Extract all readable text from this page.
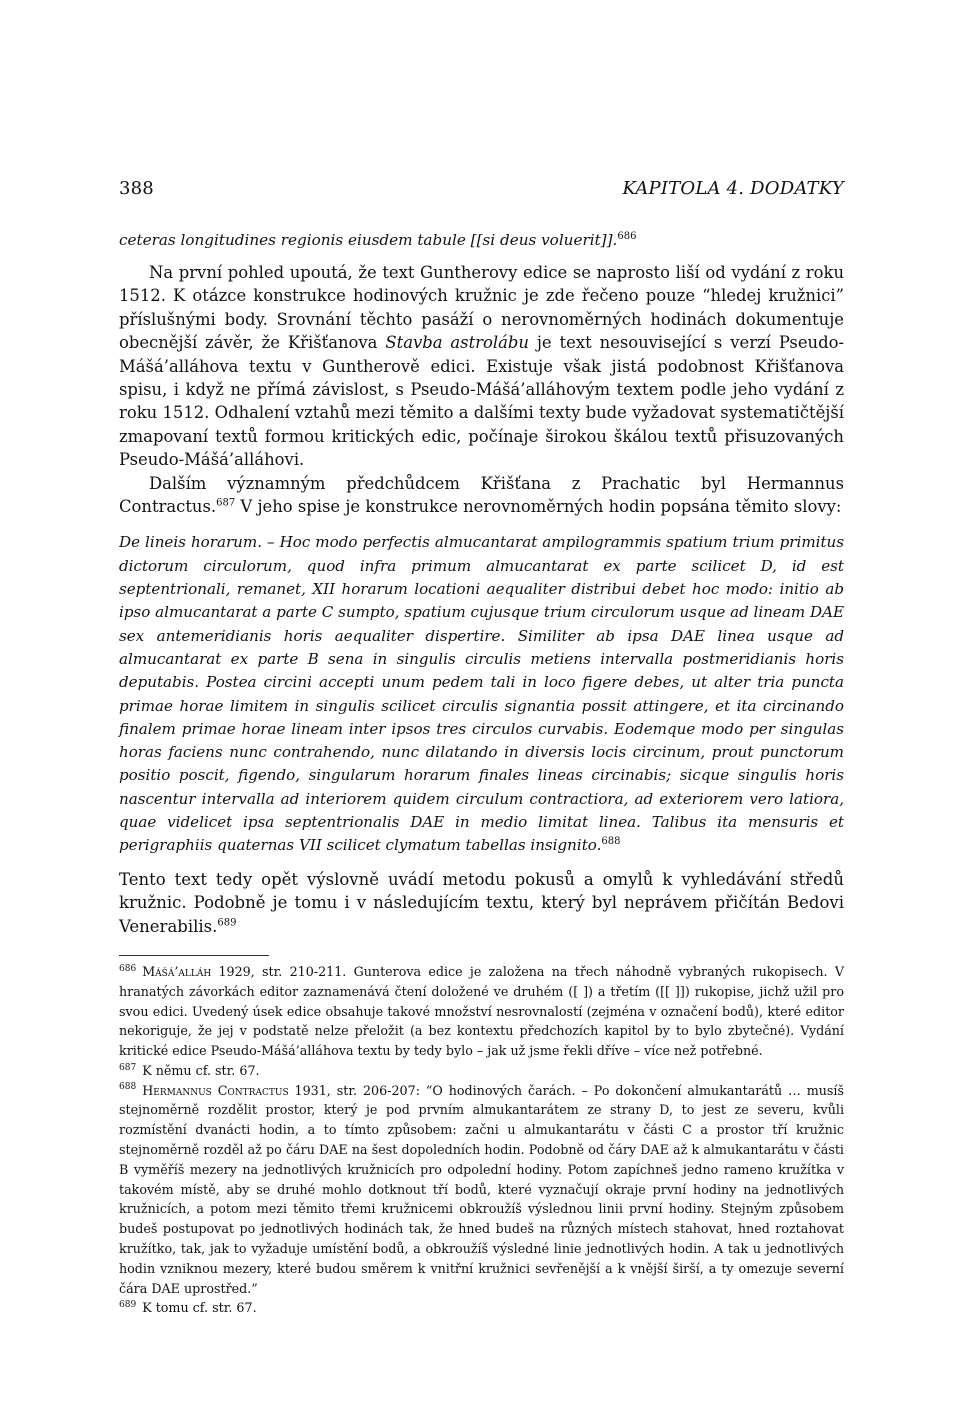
388	KAPITOLA 4. DODATKY
ceteras longitudines regionis eiusdem tabule [[si deus voluerit]].$^{686}$

Na první pohled upoutá, že text Guntherovy edice se naprosto liší od vydání z roku 1512. K otázce konstrukce hodinových kružnic je zde řečeno pouze “hledej kružnici” příslušnými body. Srovnání těchto pasáží o nerovnoměrných hodinách dokumentuje obecnější závěr, že Křišťanova Stavba astrolábu je text nesouvisející s verzí Pseudo-Mášá’alláhova textu v Guntherově edici. Existuje však jistá podobnost Křišťanova spisu, i když ne přímá závislost, s Pseudo-Mášá’alláhovým textem podle jeho vydání z roku 1512. Odhalení vztahů mezi těmito a dalšími texty bude vyžadovat systematičtější zmapovaní textů formou kritických edic, počínaje širokou škálou textů přisuzovaných Pseudo-Mášá’alláhovi.

Dalším významným předchůdcem Křišťana z Prachatic byl Hermannus Contractus.$^{687}$ V jeho spise je konstrukce nerovnoměrných hodin popsána těmito slovy:

De lineis horarum. – Hoc modo perfectis almucantarat ampilogrammis spatium trium primitus dictorum circulorum, quod infra primum almucantarat ex parte scilicet D, id est septentrionali, remanet, XII horarum locationi aequaliter distribui debet hoc modo: initio ab ipso almucantarat a parte C sumpto, spatium cujusque trium circulorum usque ad lineam DAE sex antemeridianis horis aequaliter dispertire. Similiter ab ipsa DAE linea usque ad almucantarat ex parte B sena in singulis circulis metiens intervalla postmeridianis horis deputabis. Postea circini accepti unum pedem tali in loco figere debes, ut alter tria puncta primae horae limitem in singulis scilicet circulis signantia possit attingere, et ita circinando finalem primae horae lineam inter ipsos tres circulos curvabis. Eodemque modo per singulas horas faciens nunc contrahendo, nunc dilatando in diversis locis circinum, prout punctorum positio poscit, figendo, singularum horarum finales lineas circinabis; sicque singulis horis nascentur intervalla ad interiorem quidem circulum contractiora, ad exteriorem vero latiora, quae videlicet ipsa septentrionalis DAE in medio limitat linea. Talibus ita mensuris et perigraphiis quaternas VII scilicet clymatum tabellas insignito.$^{688}$

Tento text tedy opět výslovně uvádí metodu pokusů a omylů k vyhledávání středů kružnic. Podobně je tomu i v následujícím textu, který byl neprávem přičítán Bedovi Venerabilis.$^{689}$

$^{686}$ Mášá’alláh 1929, str. 210-211. Gunterova edice je založena na třech náhodně vybraných rukopisech. V hranatých závorkách editor zaznamenává čtení doložené ve druhém ([ ]) a třetím ([[ ]]) rukopise, jichž užil pro svou edici. Uvedený úsek edice obsahuje takové množství nesrovnalostí (zejména v označení bodů), které editor nekoriguje, že jej v podstatě nelze přeložit (a bez kontextu předchozích kapitol by to bylo zbytečné). Vydání kritické edice Pseudo-Mášá’alláhova textu by tedy bylo – jak už jsme řekli dříve – více než potřebné.

$^{687}$ K němu cf. str. 67.

$^{688}$ Hermannus Contractus 1931, str. 206-207: “O hodinových čarách. – Po dokončení almukantarátů … musíš stejnoměrně rozdělit prostor, který je pod prvním almukantarátem ze strany D, to jest ze severu, kvůli rozmístění dvanácti hodin, a to tímto způsobem: začni u almukantarátu v části C a prostor tří kružnic stejnoměrně rozděl až po čáru DAE na šest dopoledních hodin. Podobně od čáry DAE až k almukantarátu v části B vyměříš mezery na jednotlivých kružnicích pro odpolední hodiny. Potom zapíchneš jedno rameno kružítka v takovém místě, aby se druhé mohlo dotknout tří bodů, které vyznačují okraje první hodiny na jednotlivých kružnicích, a potom mezi těmito třemi kružnicemi obkroužíš výslednou linii první hodiny. Stejným způsobem budeš postupovat po jednotlivých hodinách tak, že hned budeš na různých místech stahovat, hned roztahovat kružítko, tak, jak to vyžaduje umístění bodů, a obkroužíš výsledné linie jednotlivých hodin. A tak u jednotlivých hodin vzniknou mezery, které budou směrem k vnitřní kružnici sevřenější a k vnější širší, a ty omezuje severní čára DAE uprostřed.”

$^{689}$ K tomu cf. str. 67.
